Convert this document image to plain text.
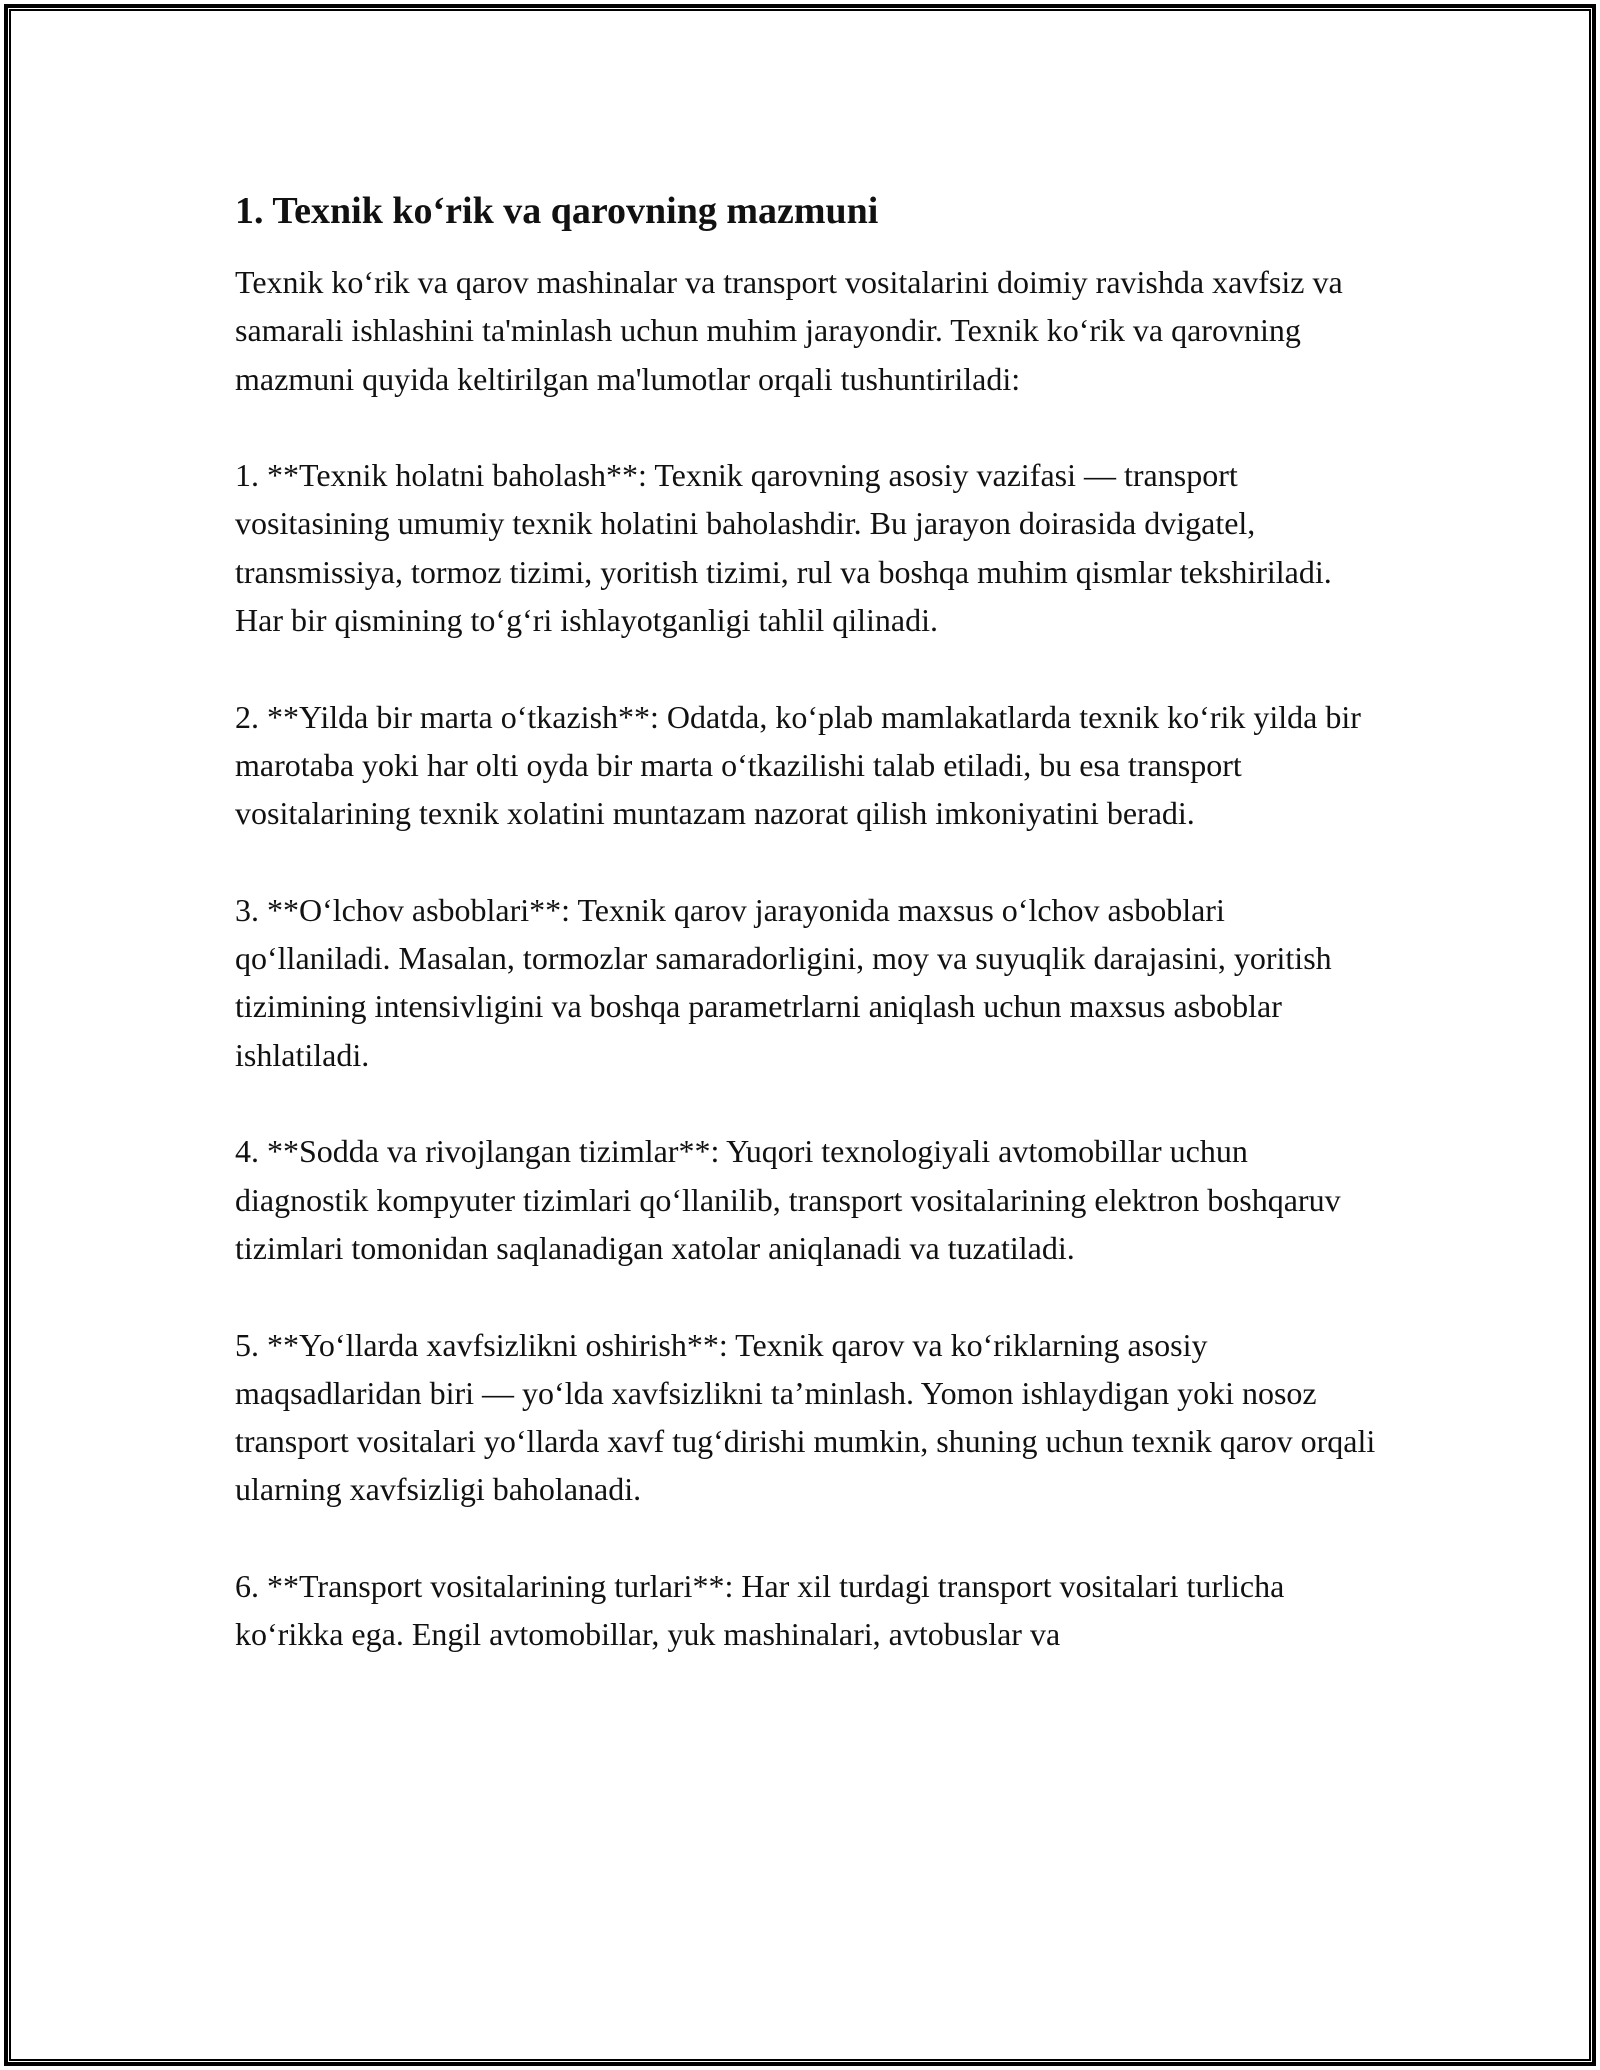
1. Texnik ko‘rik va qarovning mazmuni

Texnik ko‘rik va qarov mashinalar va transport vositalarini doimiy ravishda xavfsiz va samarali ishlashini ta'minlash uchun muhim jarayondir. Texnik ko‘rik va qarovning mazmuni quyida keltirilgan ma'lumotlar orqali tushuntiriladi:

1. **Texnik holatni baholash**: Texnik qarovning asosiy vazifasi — transport vositasining umumiy texnik holatini baholashdir. Bu jarayon doirasida dvigatel, transmissiya, tormoz tizimi, yoritish tizimi, rul va boshqa muhim qismlar tekshiriladi. Har bir qismining to‘g‘ri ishlayotganligi tahlil qilinadi.

2. **Yilda bir marta o‘tkazish**: Odatda, ko‘plab mamlakatlarda texnik ko‘rik yilda bir marotaba yoki har olti oyda bir marta o‘tkazilishi talab etiladi, bu esa transport vositalarining texnik xolatini muntazam nazorat qilish imkoniyatini beradi.

3. **O‘lchov asboblari**: Texnik qarov jarayonida maxsus o‘lchov asboblari qo‘llaniladi. Masalan, tormozlar samaradorligini, moy va suyuqlik darajasini, yoritish tizimining intensivligini va boshqa parametrlarni aniqlash uchun maxsus asboblar ishlatiladi.

4. **Sodda va rivojlangan tizimlar**: Yuqori texnologiyali avtomobillar uchun diagnostik kompyuter tizimlari qo‘llanilib, transport vositalarining elektron boshqaruv tizimlari tomonidan saqlanadigan xatolar aniqlanadi va tuzatiladi.

5. **Yo‘llarda xavfsizlikni oshirish**: Texnik qarov va ko‘riklarning asosiy maqsadlaridan biri — yo‘lda xavfsizlikni ta’minlash. Yomon ishlaydigan yoki nosoz transport vositalari yo‘llarda xavf tug‘dirishi mumkin, shuning uchun texnik qarov orqali ularning xavfsizligi baholanadi.

6. **Transport vositalarining turlari**: Har xil turdagi transport vositalari turlicha ko‘rikka ega. Engil avtomobillar, yuk mashinalari, avtobuslar va
